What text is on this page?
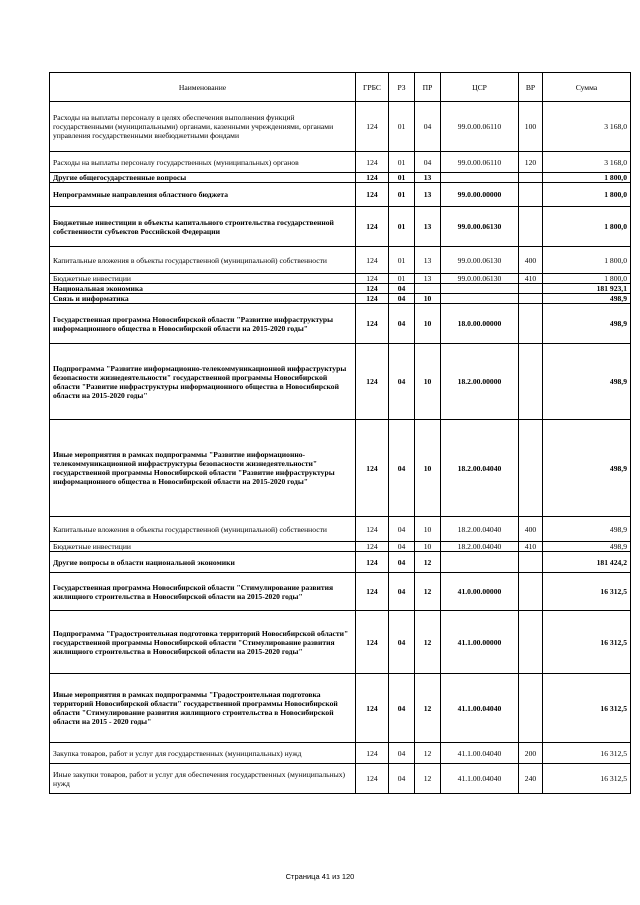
Наименование	ГРБС	РЗ	ПР	ЦСР	ВР	Сумма
Расходы на выплаты персоналу в целях обеспечения выполнения функций государственными (муниципальными) органами, казенными учреждениями, органами управления государственными внебюджетными фондами	124	01	04	99.0.00.06110	100	3 168,0
Расходы на выплаты персоналу государственных (муниципальных) органов	124	01	04	99.0.00.06110	120	3 168,0
Другие общегосударственные вопросы	124	01	13			1 800,0
Непрограммные направления областного бюджета	124	01	13	99.0.00.00000		1 800,0
Бюджетные инвестиции в объекты капитального строительства государственной собственности субъектов Российской Федерации	124	01	13	99.0.00.06130		1 800,0
Капитальные вложения в объекты государственной (муниципальной) собственности	124	01	13	99.0.00.06130	400	1 800,0
Бюджетные инвестиции	124	01	13	99.0.00.06130	410	1 800,0
Национальная экономика	124	04				181 923,1
Связь и информатика	124	04	10			498,9
Государственная программа Новосибирской области "Развитие инфраструктуры информационного общества в Новосибирской области на 2015-2020 годы"	124	04	10	18.0.00.00000		498,9
Подпрограмма "Развитие информационно-телекоммуникационной инфраструктуры безопасности жизнедеятельности" государственной программы Новосибирской области "Развитие инфраструктуры информационного общества в Новосибирской области на 2015-2020 годы"	124	04	10	18.2.00.00000		498,9
Иные мероприятия в рамках подпрограммы "Развитие информационно-телекоммуникационной инфраструктуры безопасности жизнедеятельности" государственной программы Новосибирской области "Развитие инфраструктуры информационного общества в Новосибирской области на 2015-2020 годы"	124	04	10	18.2.00.04040		498,9
Капитальные вложения в объекты государственной (муниципальной) собственности	124	04	10	18.2.00.04040	400	498,9
Бюджетные инвестиции	124	04	10	18.2.00.04040	410	498,9
Другие вопросы в области национальной экономики	124	04	12			181 424,2
Государственная программа Новосибирской области "Стимулирование развития жилищного строительства в Новосибирской области на 2015-2020 годы"	124	04	12	41.0.00.00000		16 312,5
Подпрограмма "Градостроительная подготовка территорий Новосибирской области" государственной программы Новосибирской области "Стимулирование развития жилищного строительства в Новосибирской области на 2015-2020 годы"	124	04	12	41.1.00.00000		16 312,5
Иные мероприятия в рамках подпрограммы "Градостроительная подготовка территорий Новосибирской области" государственной программы Новосибирской области "Стимулирование развития жилищного строительства в Новосибирской области на 2015 - 2020 годы"	124	04	12	41.1.00.04040		16 312,5
Закупка товаров, работ и услуг для государственных (муниципальных) нужд	124	04	12	41.1.00.04040	200	16 312,5
Иные закупки товаров, работ и услуг для обеспечения государственных (муниципальных) нужд	124	04	12	41.1.00.04040	240	16 312,5
Страница 41 из 120
